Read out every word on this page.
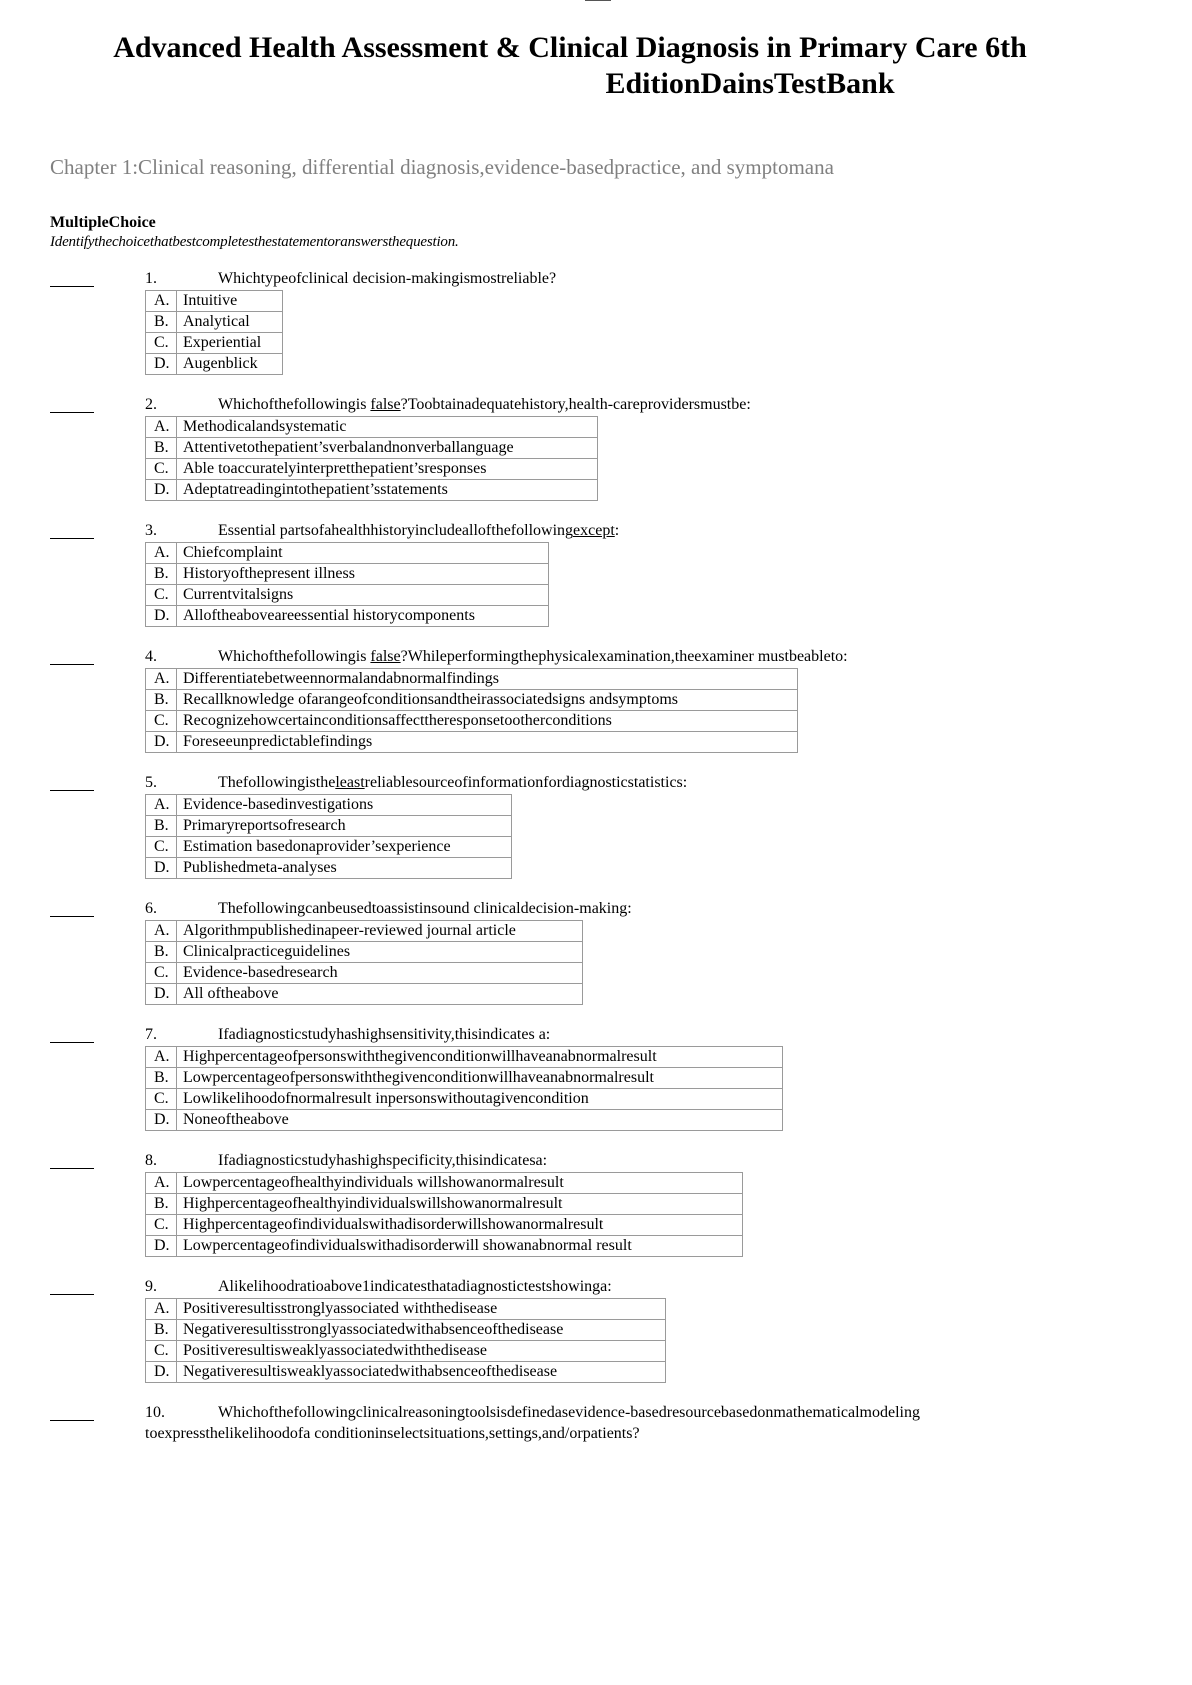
Advanced Health Assessment & Clinical Diagnosis in Primary Care 6th
EditionDainsTestBank
Chapter 1:Clinical reasoning, differential diagnosis,evidence-basedpractice, and symptomana
MultipleChoice
Identifythechoicethatbestcompletesthestatementoranswersthequestion.
1.	Whichtypeofclinical decision-makingismostreliable?
A.	Intuitive
B.	Analytical
C.	Experiential
D.	Augenblick
2.	Whichofthefollowingis false?Toobtainadequatehistory,health-careprovidersmustbe:
A.	Methodicalandsystematic
B.	Attentivetothepatient’sverbalandnonverballanguage
C.	Able toaccuratelyinterpretthepatient’sresponses
D.	Adeptatreadingintothepatient’sstatements
3.	Essential partsofahealthhistoryincludeallofthefollowingexcept:
A.	Chiefcomplaint
B.	Historyofthepresent illness
C.	Currentvitalsigns
D.	Alloftheaboveareessential historycomponents
4.	Whichofthefollowingis false?Whileperformingthephysicalexamination,theexaminer mustbeableto:
A.	Differentiatebetweennormalandabnormalfindings
B.	Recallknowledge ofarangeofconditionsandtheirassociatedsigns andsymptoms
C.	Recognizehowcertainconditionsaffecttheresponsetootherconditions
D.	Foreseeunpredictablefindings
5.	Thefollowingistheleastreliablesourceofinformationfordiagnosticstatistics:
A.	Evidence-basedinvestigations
B.	Primaryreportsofresearch
C.	Estimation basedonaprovider’sexperience
D.	Publishedmeta-analyses
6.	Thefollowingcanbeusedtoassistinsound clinicaldecision-making:
A.	Algorithmpublishedinapeer-reviewed journal article
B.	Clinicalpracticeguidelines
C.	Evidence-basedresearch
D.	All oftheabove
7.	Ifadiagnosticstudyhashighsensitivity,thisindicates a:
A.	Highpercentageofpersonswiththegivenconditionwillhaveanabnormalresult
B.	Lowpercentageofpersonswiththegivenconditionwillhaveanabnormalresult
C.	Lowlikelihoodofnormalresult inpersonswithoutagivencondition
D.	Noneoftheabove
8.	Ifadiagnosticstudyhashighspecificity,thisindicatesa:
A.	Lowpercentageofhealthyindividuals willshowanormalresult
B.	Highpercentageofhealthyindividualswillshowanormalresult
C.	Highpercentageofindividualswithadisorderwillshowanormalresult
D.	Lowpercentageofindividualswithadisorderwill showanabnormal result
9.	Alikelihoodratioabove1indicatesthatadiagnostictestshowinga:
A.	Positiveresultisstronglyassociated withthedisease
B.	Negativeresultisstronglyassociatedwithabsenceofthedisease
C.	Positiveresultisweaklyassociatedwiththedisease
D.	Negativeresultisweaklyassociatedwithabsenceofthedisease
10.	Whichofthefollowingclinicalreasoningtoolsisdefinedasevidence-basedresourcebasedonmathematicalmodeling
toexpressthelikelihoodofa conditioninselectsituations,settings,and/orpatients?
